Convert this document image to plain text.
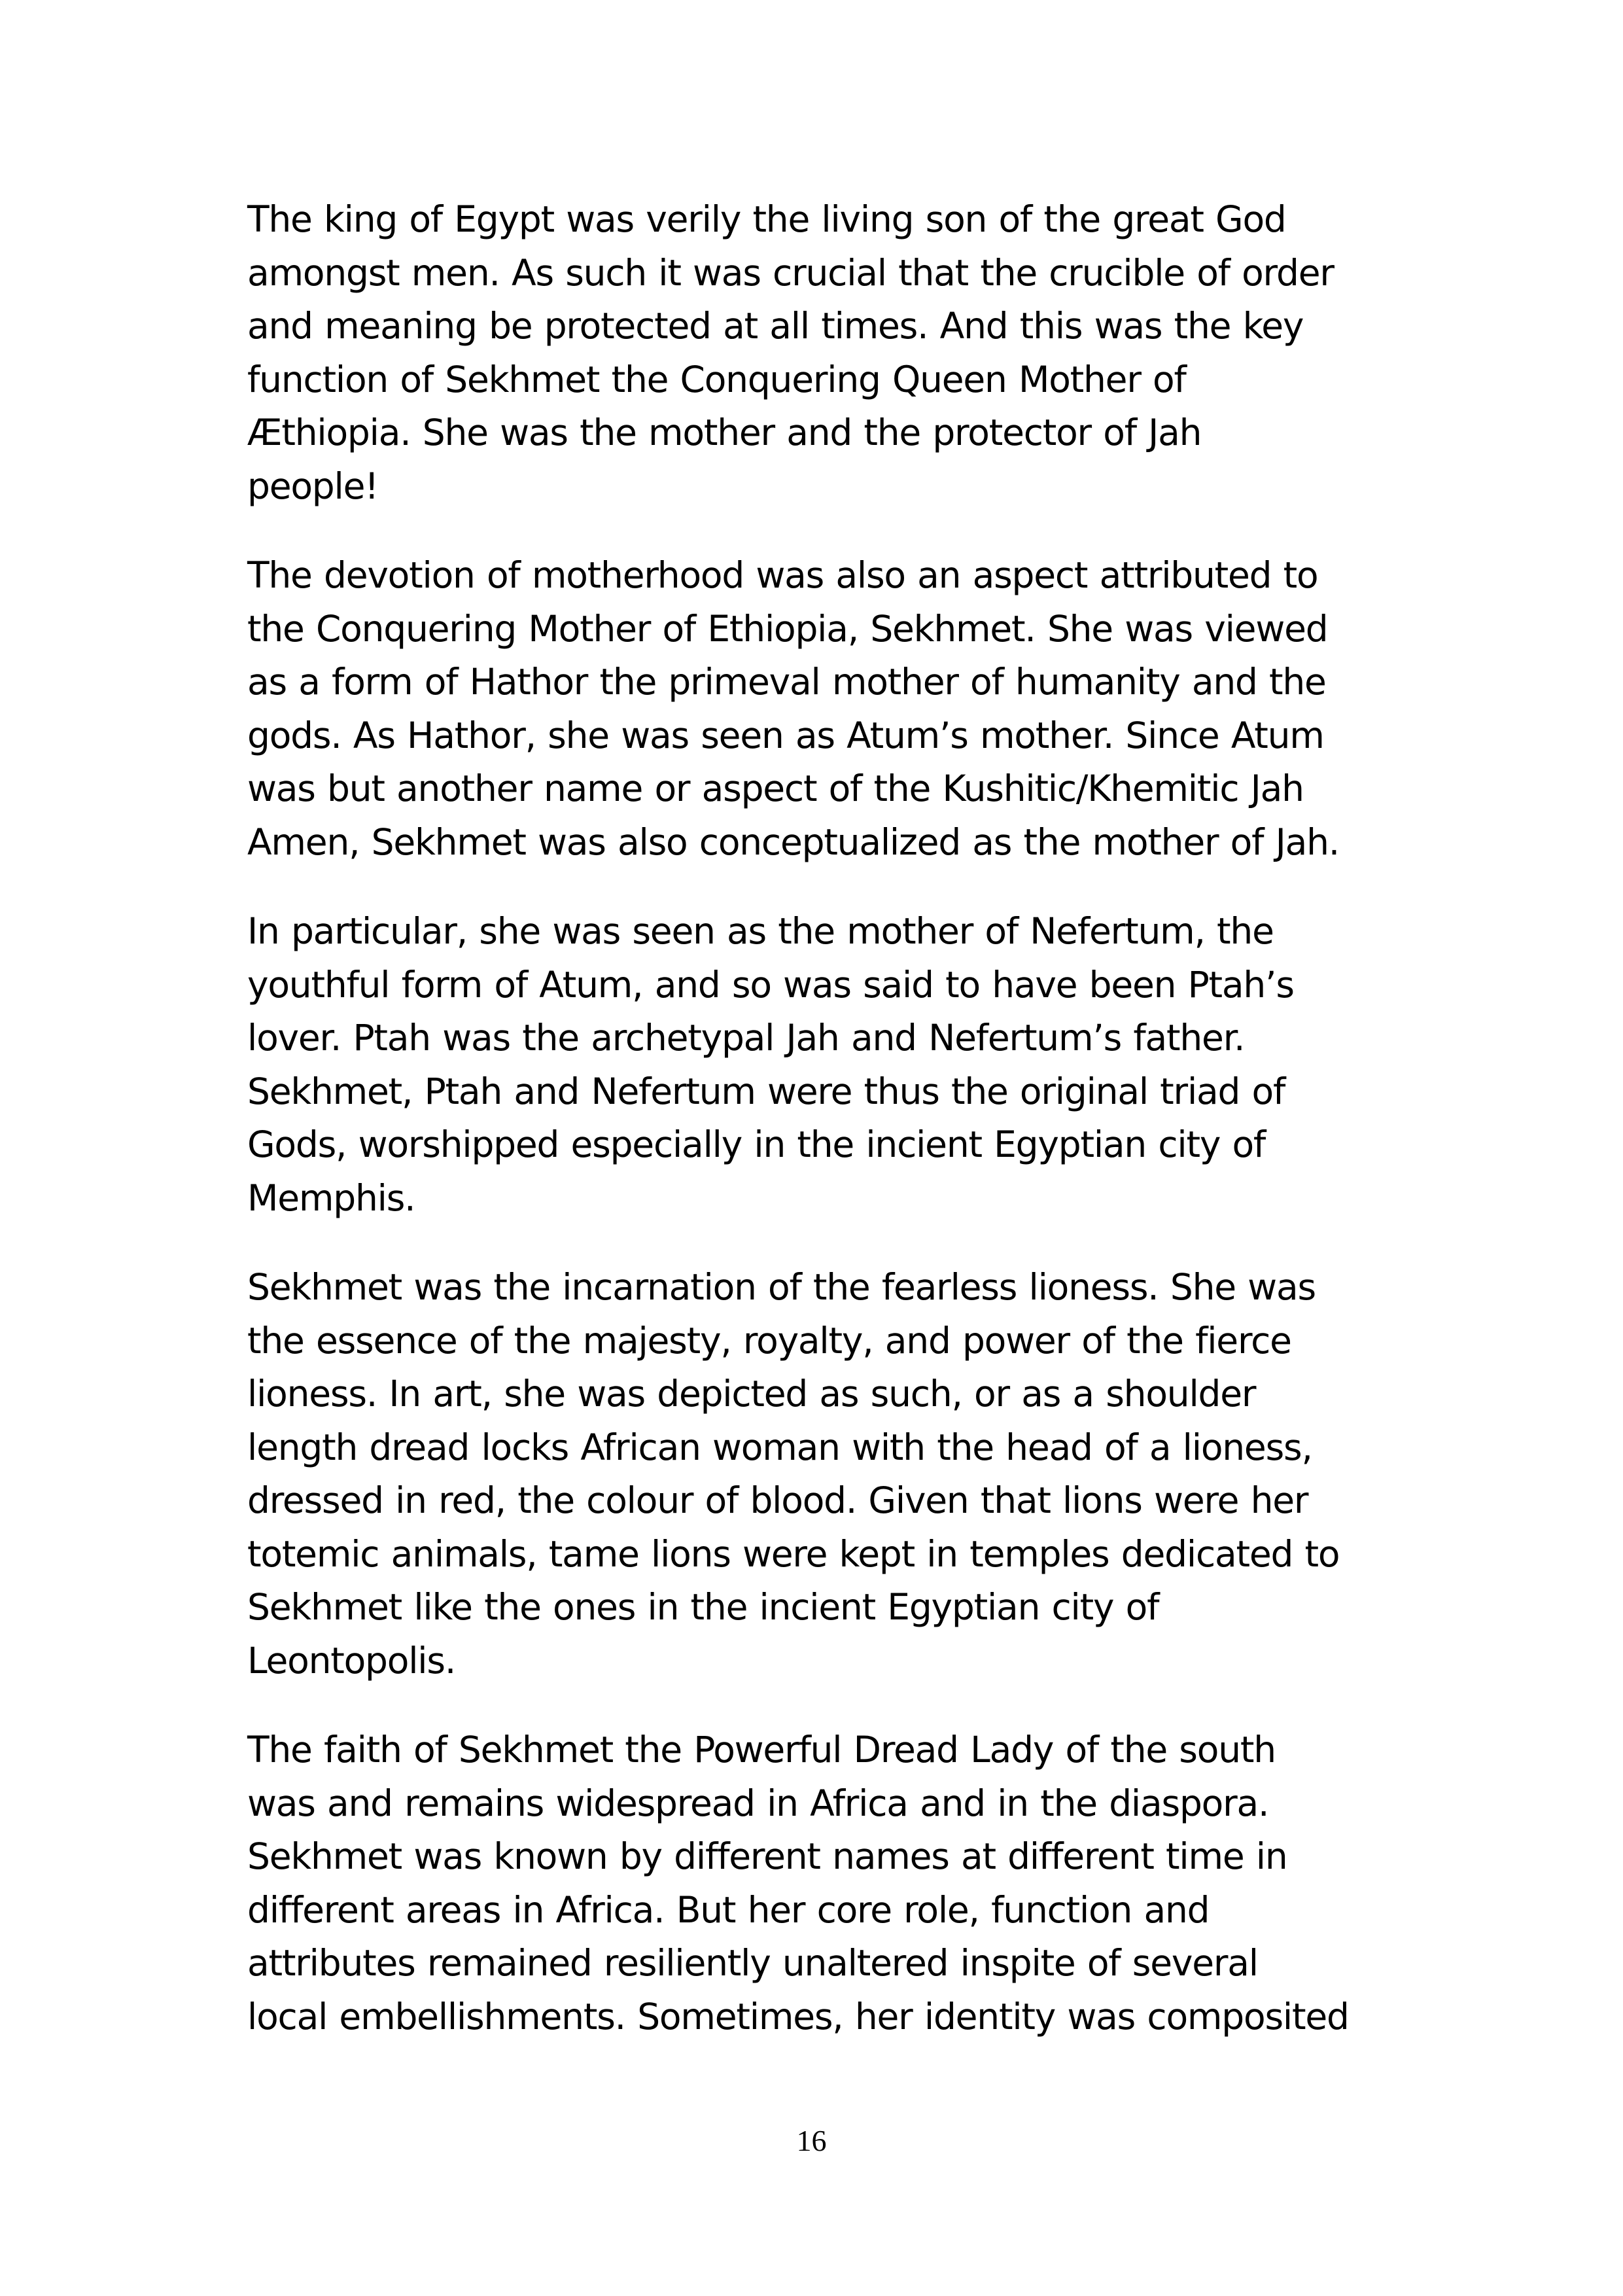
The king of Egypt was verily the living son of the great God
amongst men. As such it was crucial that the crucible of order
and meaning be protected at all times. And this was the key
function of Sekhmet the Conquering Queen Mother of
Æthiopia. She was the mother and the protector of Jah
people!

The devotion of motherhood was also an aspect attributed to
the Conquering Mother of Ethiopia, Sekhmet. She was viewed
as a form of Hathor the primeval mother of humanity and the
gods. As Hathor, she was seen as Atum’s mother. Since Atum
was but another name or aspect of the Kushitic/Khemitic Jah
Amen, Sekhmet was also conceptualized as the mother of Jah.

In particular, she was seen as the mother of Nefertum, the
youthful form of Atum, and so was said to have been Ptah’s
lover. Ptah was the archetypal Jah and Nefertum’s father.
Sekhmet, Ptah and Nefertum were thus the original triad of
Gods, worshipped especially in the incient Egyptian city of
Memphis.

Sekhmet was the incarnation of the fearless lioness. She was
the essence of the majesty, royalty, and power of the fierce
lioness. In art, she was depicted as such, or as a shoulder
length dread locks African woman with the head of a lioness,
dressed in red, the colour of blood. Given that lions were her
totemic animals, tame lions were kept in temples dedicated to
Sekhmet like the ones in the incient Egyptian city of
Leontopolis.

The faith of Sekhmet the Powerful Dread Lady of the south
was and remains widespread in Africa and in the diaspora.
Sekhmet was known by different names at different time in
different areas in Africa. But her core role, function and
attributes remained resiliently unaltered inspite of several
local embellishments. Sometimes, her identity was composited

16
